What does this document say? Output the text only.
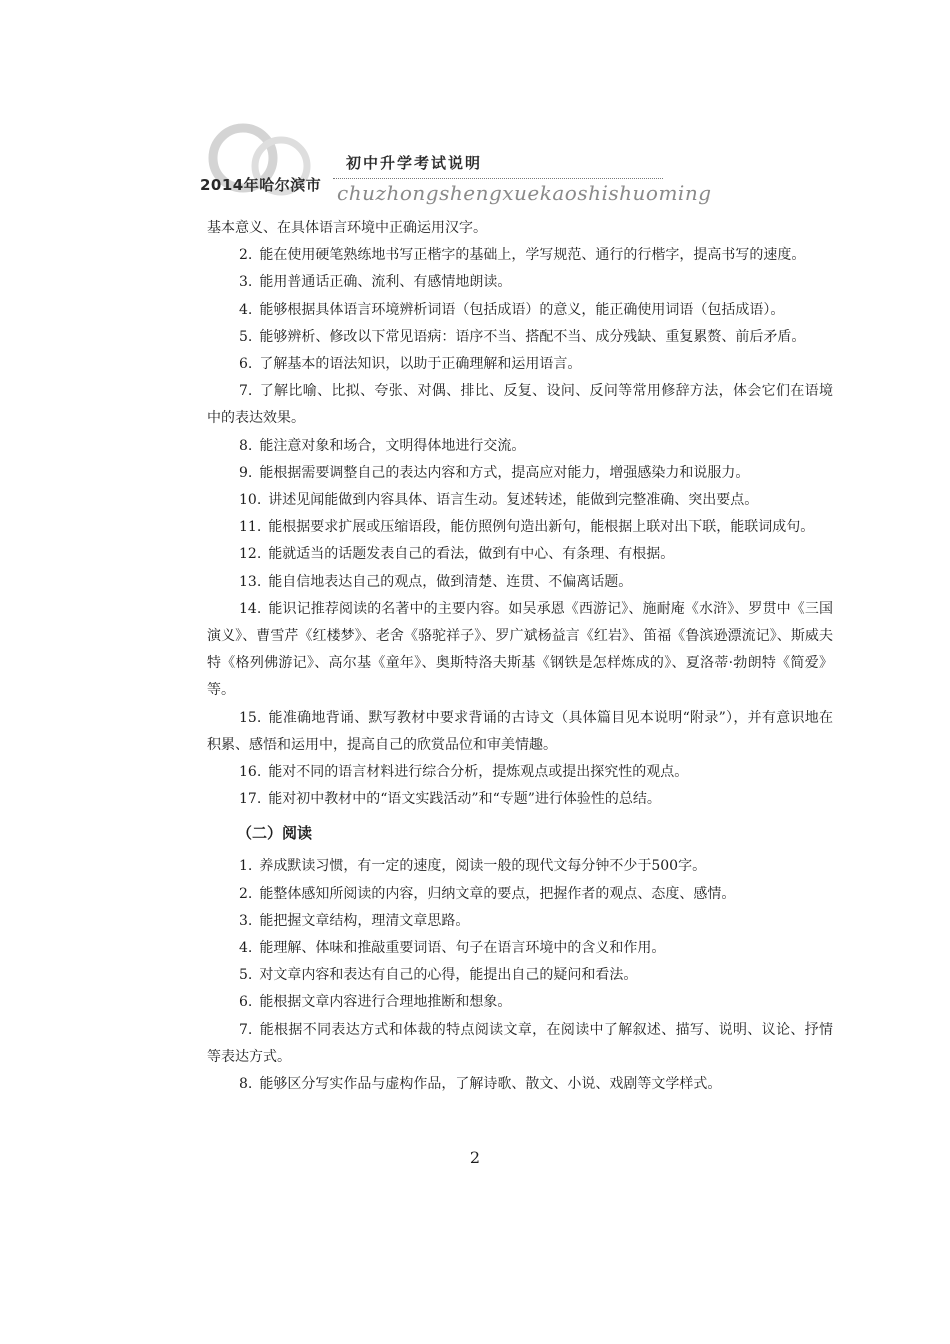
2014年哈尔滨市
初中升学考试说明
chuzhongshengxuekaoshishuoming

基本意义、在具体语言环境中正确运用汉字。

2. 能在使用硬笔熟练地书写正楷字的基础上，学写规范、通行的行楷字，提高书写的速度。

3. 能用普通话正确、流利、有感情地朗读。

4. 能够根据具体语言环境辨析词语（包括成语）的意义，能正确使用词语（包括成语）。

5. 能够辨析、修改以下常见语病：语序不当、搭配不当、成分残缺、重复累赘、前后矛盾。

6. 了解基本的语法知识，以助于正确理解和运用语言。

7. 了解比喻、比拟、夸张、对偶、排比、反复、设问、反问等常用修辞方法，体会它们在语境中的表达效果。

8. 能注意对象和场合，文明得体地进行交流。

9. 能根据需要调整自己的表达内容和方式，提高应对能力，增强感染力和说服力。

10. 讲述见闻能做到内容具体、语言生动。复述转述，能做到完整准确、突出要点。

11. 能根据要求扩展或压缩语段，能仿照例句造出新句，能根据上联对出下联，能联词成句。

12. 能就适当的话题发表自己的看法，做到有中心、有条理、有根据。

13. 能自信地表达自己的观点，做到清楚、连贯、不偏离话题。

14. 能识记推荐阅读的名著中的主要内容。如吴承恩《西游记》、施耐庵《水浒》、罗贯中《三国演义》、曹雪芹《红楼梦》、老舍《骆驼祥子》、罗广斌杨益言《红岩》、笛福《鲁滨逊漂流记》、斯威夫特《格列佛游记》、高尔基《童年》、奥斯特洛夫斯基《钢铁是怎样炼成的》、夏洛蒂·勃朗特《简爱》等。

15. 能准确地背诵、默写教材中要求背诵的古诗文（具体篇目见本说明“附录”），并有意识地在积累、感悟和运用中，提高自己的欣赏品位和审美情趣。

16. 能对不同的语言材料进行综合分析，提炼观点或提出探究性的观点。

17. 能对初中教材中的“语文实践活动”和“专题”进行体验性的总结。

（二）阅读

1. 养成默读习惯，有一定的速度，阅读一般的现代文每分钟不少于500字。

2. 能整体感知所阅读的内容，归纳文章的要点，把握作者的观点、态度、感情。

3. 能把握文章结构，理清文章思路。

4. 能理解、体味和推敲重要词语、句子在语言环境中的含义和作用。

5. 对文章内容和表达有自己的心得，能提出自己的疑问和看法。

6. 能根据文章内容进行合理地推断和想象。

7. 能根据不同表达方式和体裁的特点阅读文章，在阅读中了解叙述、描写、说明、议论、抒情等表达方式。

8. 能够区分写实作品与虚构作品，了解诗歌、散文、小说、戏剧等文学样式。

2
